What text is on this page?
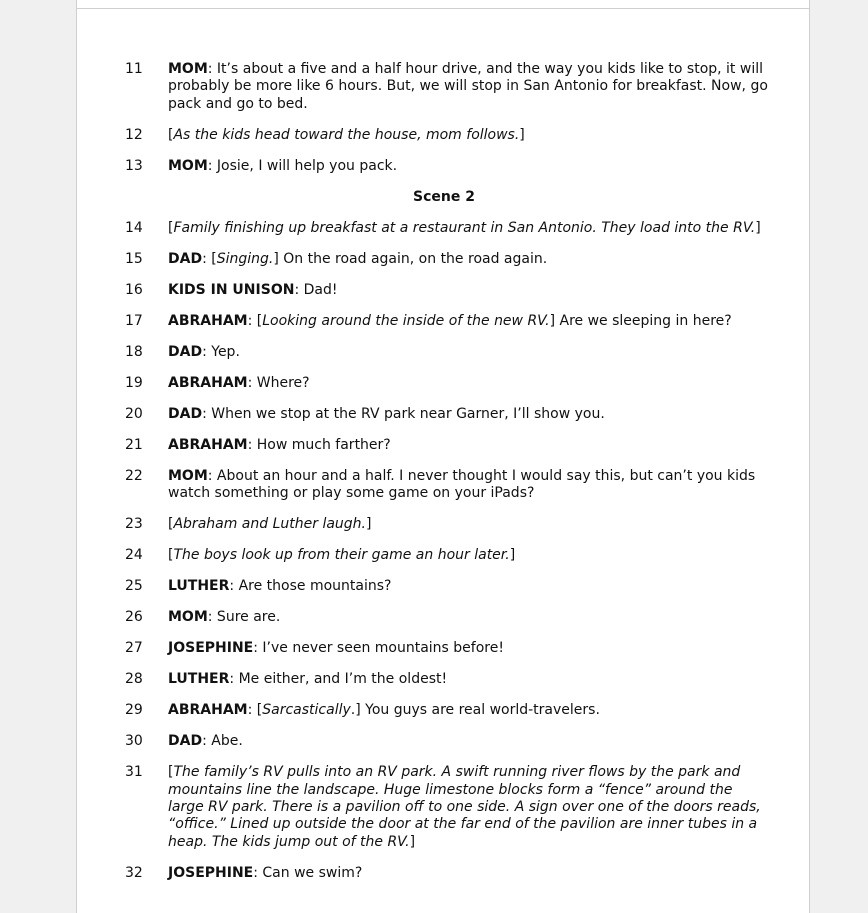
11 MOM: It’s about a five and a half hour drive, and the way you kids like to stop, it will probably be more like 6 hours. But, we will stop in San Antonio for breakfast. Now, go pack and go to bed.
12 [As the kids head toward the house, mom follows.]
13 MOM: Josie, I will help you pack.
Scene 2
14 [Family finishing up breakfast at a restaurant in San Antonio. They load into the RV.]
15 DAD: [Singing.] On the road again, on the road again.
16 KIDS IN UNISON: Dad!
17 ABRAHAM: [Looking around the inside of the new RV.] Are we sleeping in here?
18 DAD: Yep.
19 ABRAHAM: Where?
20 DAD: When we stop at the RV park near Garner, I’ll show you.
21 ABRAHAM: How much farther?
22 MOM: About an hour and a half. I never thought I would say this, but can’t you kids watch something or play some game on your iPads?
23 [Abraham and Luther laugh.]
24 [The boys look up from their game an hour later.]
25 LUTHER: Are those mountains?
26 MOM: Sure are.
27 JOSEPHINE: I’ve never seen mountains before!
28 LUTHER: Me either, and I’m the oldest!
29 ABRAHAM: [Sarcastically.] You guys are real world-travelers.
30 DAD: Abe.
31 [The family’s RV pulls into an RV park. A swift running river flows by the park and mountains line the landscape. Huge limestone blocks form a “fence” around the large RV park. There is a pavilion off to one side. A sign over one of the doors reads, “office.” Lined up outside the door at the far end of the pavilion are inner tubes in a heap. The kids jump out of the RV.]
32 JOSEPHINE: Can we swim?
